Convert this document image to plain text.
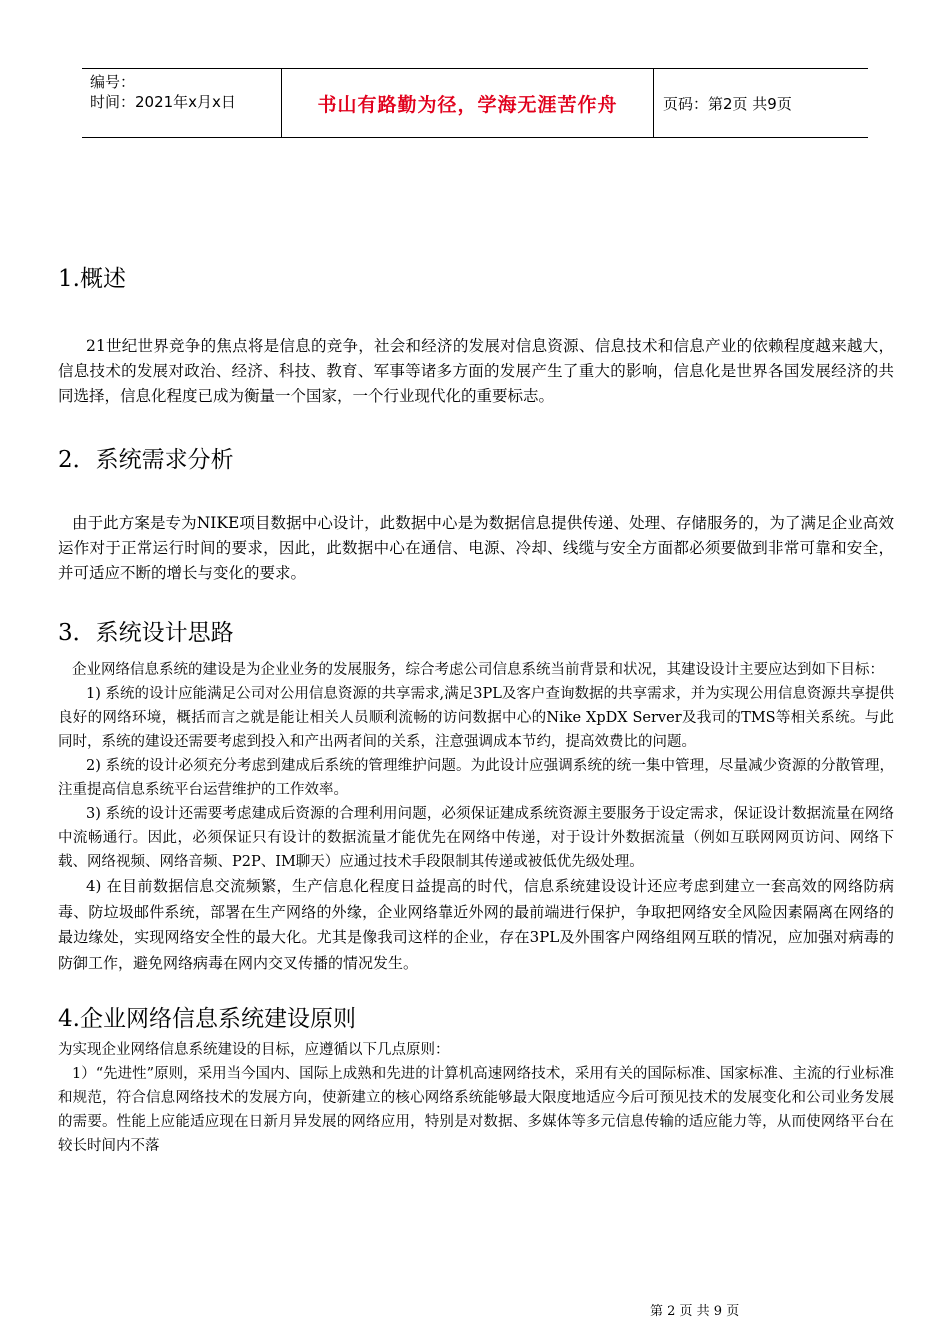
编号：
时间：2021年x月x日	书山有路勤为径，学海无涯苦作舟	页码：第2页 共9页
1.概述

21世纪世界竞争的焦点将是信息的竞争，社会和经济的发展对信息资源、信息技术和信息产业的依赖程度越来越大，信息技术的发展对政治、经济、科技、教育、军事等诸多方面的发展产生了重大的影响，信息化是世界各国发展经济的共同选择，信息化程度已成为衡量一个国家，一个行业现代化的重要标志。

2．系统需求分析

由于此方案是专为NIKE项目数据中心设计，此数据中心是为数据信息提供传递、处理、存储服务的，为了满足企业高效运作对于正常运行时间的要求，因此，此数据中心在通信、电源、冷却、线缆与安全方面都必须要做到非常可靠和安全，并可适应不断的增长与变化的要求。

3．系统设计思路

企业网络信息系统的建设是为企业业务的发展服务，综合考虑公司信息系统当前背景和状况，其建设设计主要应达到如下目标：

1) 系统的设计应能满足公司对公用信息资源的共享需求,满足3PL及客户查询数据的共享需求，并为实现公用信息资源共享提供良好的网络环境，概括而言之就是能让相关人员顺利流畅的访问数据中心的Nike XpDX Server及我司的TMS等相关系统。与此同时，系统的建设还需要考虑到投入和产出两者间的关系，注意强调成本节约，提高效费比的问题。

2) 系统的设计必须充分考虑到建成后系统的管理维护问题。为此设计应强调系统的统一集中管理，尽量减少资源的分散管理，注重提高信息系统平台运营维护的工作效率。

3) 系统的设计还需要考虑建成后资源的合理利用问题，必须保证建成系统资源主要服务于设定需求，保证设计数据流量在网络中流畅通行。因此，必须保证只有设计的数据流量才能优先在网络中传递，对于设计外数据流量（例如互联网网页访问、网络下载、网络视频、网络音频、P2P、IM聊天）应通过技术手段限制其传递或被低优先级处理。

4) 在目前数据信息交流频繁，生产信息化程度日益提高的时代，信息系统建设设计还应考虑到建立一套高效的网络防病毒、防垃圾邮件系统，部署在生产网络的外缘，企业网络靠近外网的最前端进行保护，争取把网络安全风险因素隔离在网络的最边缘处，实现网络安全性的最大化。尤其是像我司这样的企业，存在3PL及外围客户网络组网互联的情况，应加强对病毒的防御工作，避免网络病毒在网内交叉传播的情况发生。

4.企业网络信息系统建设原则

为实现企业网络信息系统建设的目标，应遵循以下几点原则：

1）“先进性”原则，采用当今国内、国际上成熟和先进的计算机高速网络技术，采用有关的国际标准、国家标准、主流的行业标准和规范，符合信息网络技术的发展方向，使新建立的核心网络系统能够最大限度地适应今后可预见技术的发展变化和公司业务发展的需要。性能上应能适应现在日新月异发展的网络应用，特别是对数据、多媒体等多元信息传输的适应能力等，从而使网络平台在较长时间内不落

第 2 页 共 9 页
